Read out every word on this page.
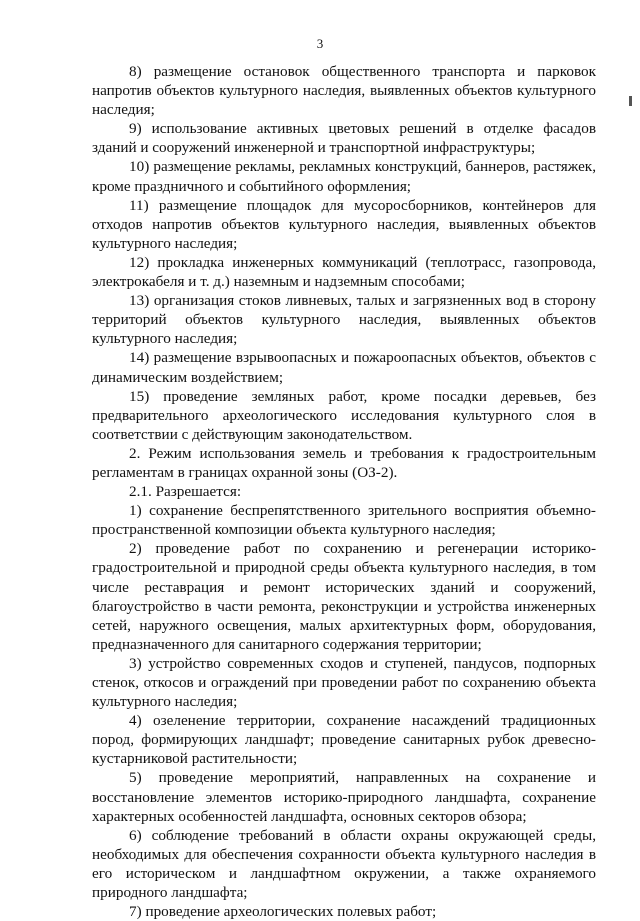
3

8) размещение остановок общественного транспорта и парковок напротив объектов культурного наследия, выявленных объектов культурного наследия;

9) использование активных цветовых решений в отделке фасадов зданий и сооружений инженерной и транспортной инфраструктуры;

10) размещение рекламы, рекламных конструкций, баннеров, растяжек, кроме праздничного и событийного оформления;

11) размещение площадок для мусоросборников, контейнеров для отходов напротив объектов культурного наследия, выявленных объектов культурного наследия;

12) прокладка инженерных коммуникаций (теплотрасс, газопровода, электрокабеля и т. д.) наземным и надземным способами;

13) организация стоков ливневых, талых и загрязненных вод в сторону территорий объектов культурного наследия, выявленных объектов культурного наследия;

14) размещение взрывоопасных и пожароопасных объектов, объектов с динамическим воздействием;

15) проведение земляных работ, кроме посадки деревьев, без предварительного археологического исследования культурного слоя в соответствии с действующим законодательством.

2. Режим использования земель и требования к градостроительным регламентам в границах охранной зоны (ОЗ-2).

2.1. Разрешается:

1) сохранение беспрепятственного зрительного восприятия объемно-пространственной композиции объекта культурного наследия;

2) проведение работ по сохранению и регенерации историко-градостроительной и природной среды объекта культурного наследия, в том числе реставрация и ремонт исторических зданий и сооружений, благоустройство в части ремонта, реконструкции и устройства инженерных сетей, наружного освещения, малых архитектурных форм, оборудования, предназначенного для санитарного содержания территории;

3) устройство современных сходов и ступеней, пандусов, подпорных стенок, откосов и ограждений при проведении работ по сохранению объекта культурного наследия;

4) озеленение территории, сохранение насаждений традиционных пород, формирующих ландшафт; проведение санитарных рубок древесно-кустарниковой растительности;

5) проведение мероприятий, направленных на сохранение и восстановление элементов историко-природного ландшафта, сохранение характерных особенностей ландшафта, основных секторов обзора;

6) соблюдение требований в области охраны окружающей среды, необходимых для обеспечения сохранности объекта культурного наследия в его историческом и ландшафтном окружении, а также охраняемого природного ландшафта;

7) проведение археологических полевых работ;
